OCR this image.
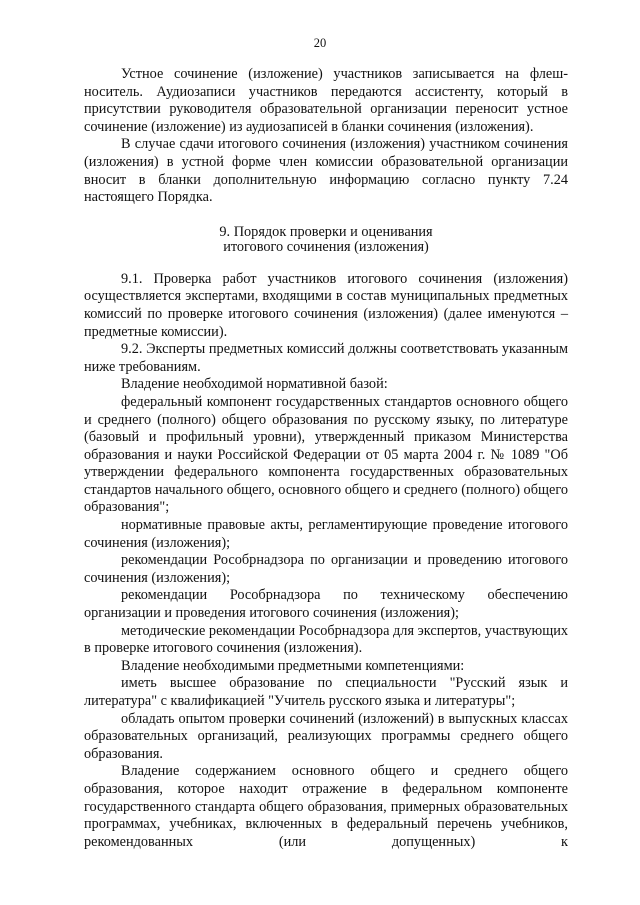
20

Устное сочинение (изложение) участников записывается на флеш-носитель. Аудиозаписи участников передаются ассистенту, который в присутствии руководителя образовательной организации переносит устное сочинение (изложение) из аудиозаписей в бланки сочинения (изложения).

В случае сдачи итогового сочинения (изложения) участником сочинения (изложения) в устной форме член комиссии образовательной организации вносит в бланки дополнительную информацию согласно пункту 7.24 настоящего Порядка.

9. Порядок проверки и оценивания
итогового сочинения (изложения)

9.1. Проверка работ участников итогового сочинения (изложения) осуществляется экспертами, входящими в состав муниципальных предметных комиссий по проверке итогового сочинения (изложения) (далее именуются – предметные комиссии).

9.2. Эксперты предметных комиссий должны соответствовать указанным ниже требованиям.

Владение необходимой нормативной базой:

федеральный компонент государственных стандартов основного общего и среднего (полного) общего образования по русскому языку, по литературе (базовый и профильный уровни), утвержденный приказом Министерства образования и науки Российской Федерации от 05 марта 2004 г. № 1089 "Об утверждении федерального компонента государственных образовательных стандартов начального общего, основного общего и среднего (полного) общего образования";

нормативные правовые акты, регламентирующие проведение итогового сочинения (изложения);

рекомендации Рособрнадзора по организации и проведению итогового сочинения (изложения);

рекомендации Рособрнадзора по техническому обеспечению организации и проведения итогового сочинения (изложения);

методические рекомендации Рособрнадзора для экспертов, участвующих в проверке итогового сочинения (изложения).

Владение необходимыми предметными компетенциями:

иметь высшее образование по специальности "Русский язык и литература" с квалификацией "Учитель русского языка и литературы";

обладать опытом проверки сочинений (изложений) в выпускных классах образовательных организаций, реализующих программы среднего общего образования.

Владение содержанием основного общего и среднего общего образования, которое находит отражение в федеральном компоненте государственного стандарта общего образования, примерных образовательных программах, учебниках, включенных в федеральный перечень учебников, рекомендованных (или допущенных) к
